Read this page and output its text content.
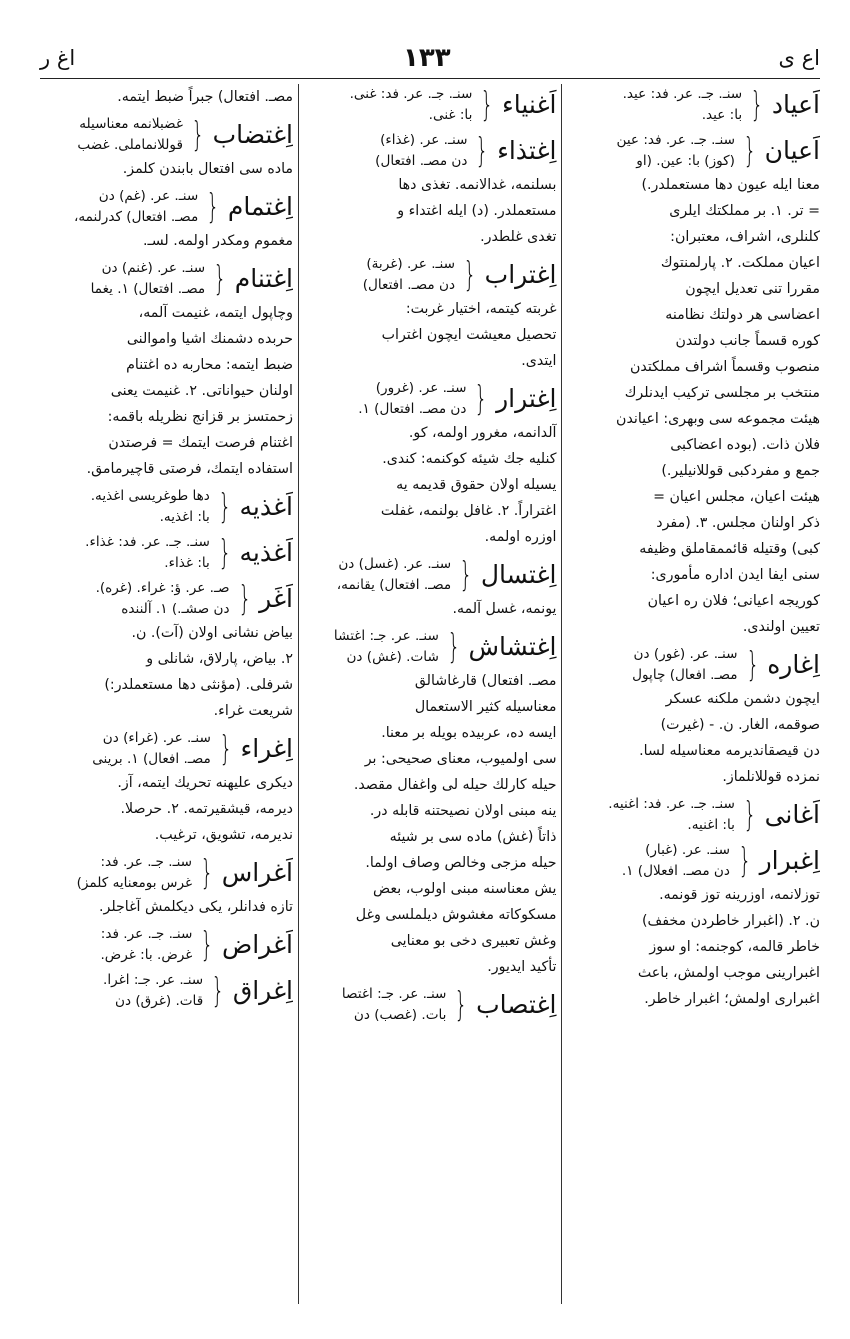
اع ی
١٣٣
اغ ر
اَعیاد
{
سنـ. جـ. عر. فد: عید.
با: عید.
اَعیان
{
سنـ. جـ. عر. فد: عین
(کوز) با: عین. (او
معنا ایله عیون دها مستعملدر.)
= تر. ١. بر مملکتك ایلری
کلنلری، اشراف، معتبران:
اعیان مملکت. ٢. پارلمنتوك
مقررا تنی تعدیل ایچون
اعضاسی هر دولتك نظامنه
کوره قسماً جانب دولتدن
منصوب وقسماً اشراف مملکتدن
منتخب بر مجلسی ترکیب ایدنلرك
هیئت مجموعه سی وبهری: اعیاندن
فلان ذات. (بوده اعضاکبی
جمع و مفردکبی قوللانیلیر.)
هیئت اعیان، مجلس اعیان =
ذکر اولنان مجلس. ٣. (مفرد
کبی) وقتیله قائممقاملق وظیفه
سنی ایفا ایدن اداره مأموری:
کوریجه اعیانی؛ فلان ره اعیان
تعیین اولندی.
اِغاره
{
سنـ. عر. (غور) دن
مصـ. افعال) چاپول
ایچون دشمن ملکنه عسکر
صوقمه، الغار. ن. - (غیرت)
دن قیصقاندیرمه معناسیله لسا.
نمزده قوللانلماز.
اَغانی
{
سنـ. جـ. عر. فد: اغنیه.
با: اغنیه.
اِغبرار
{
سنـ. عر. (غبار)
دن مصـ. افعلال) ١.
توزلانمه، اوزرینه توز قونمه.
ن. ٢. (اغبرار خاطردن مخفف)
خاطر قالمه، کوجنمه: او سوز
اغبرارینی موجب اولمش، باعث
اغبراری اولمش؛ اغبرار خاطر.
اَغنیاء
{
سنـ. جـ. عر. فد: غنی.
با: غنی.
اِغتذاء
{
سنـ. عر. (غذاء)
دن مصـ. افتعال)
بسلنمه، غدالانمه. تغذی دها
مستعملدر. (د) ایله اغتداء و
تغدی غلطدر.
اِغتراب
{
سنـ. عر. (غربة)
دن مصـ. افتعال)
غربته کیتمه، اختیار غربت:
تحصیل معیشت ایچون اغتراب
ایتدی.
اِغترار
{
سنـ. عر. (غرور)
دن مصـ. افتعال) ١.
آلدانمه، مغرور اولمه، کو.
کنلیه جك شیئه کوکنمه: کندی.
یسیله اولان حقوق قدیمه یه
اغتراراً. ٢. غافل بولنمه، غفلت
اوزره اولمه.
اِغتسال
{
سنـ. عر. (غسل) دن
مصـ. افتعال) یقانمه،
یونمه، غسل آلمه.
اِغتشاش
{
سنـ. عر. جـ: اغتشا
شات. (غش) دن
مصـ. افتعال) قارغاشالق
معناسیله کثیر الاستعمال
ایسه ده، عربیده بویله بر معنا.
سی اولمیوب، معنای صحیحی: بر
حیله کارلك حیله لی واغفال مقصد.
ینه مبنی اولان نصیحتنه قابله در.
ذاتاً (غش) ماده سی بر شیئه
حیله مزجی وخالص وصاف اولما.
یش معناسنه مبنی اولوب، بعض
مسکوکاته مغشوش دیلملسی وغل
وغش تعبیری دخی بو معنایی
تأکید ایدیور.
اِغتصاب
{
سنـ. عر. جـ: اغتصا
بات. (غصب) دن
مصـ. افتعال) جبراً ضبط ایتمه.
اِغتضاب
{
غضبلانمه معناسیله
قوللانماملی. غضب
ماده سی افتعال بابندن کلمز.
اِغتمام
{
سنـ. عر. (غم) دن
مصـ. افتعال) کدرلنمه،
مغموم ومکدر اولمه. لسـ.
اِغتنام
{
سنـ. عر. (غنم) دن
مصـ. افتعال) ١. یغما
وچاپول ایتمه، غنیمت آلمه،
حربده دشمنك اشیا واموالنی
ضبط ایتمه: محاربه ده اغتنام
اولنان حیواناتی. ٢. غنیمت یعنی
زحمتسز بر قزانج نظریله باقمه:
اغتنام فرصت ایتمك = فرصتدن
استفاده ایتمك، فرصتی قاچیرمامق.
اَغذیه
{
دها طوغریسی اغذیه.
با: اغذیه.
اَغذیه
{
سنـ. جـ. عر. فد: غذاء.
با: غذاء.
اَغَر
{
صـ. عر. ؤ: غراء. (غره).
دن صشـ.) ١. آلننده
بیاض نشانی اولان (آت). ن.
٢. بیاض، پارلاق، شانلی و
شرفلی. (مؤنثی دها مستعملدر:)
شریعت غراء.
اِغراء
{
سنـ. عر. (غراء) دن
مصـ. افعال) ١. برینی
دیکری علیهنه تحریك ایتمه، آز.
دیرمه، قیشقیرتمه. ٢. حرصلا.
ندیرمه، تشویق، ترغیب.
اَغراس
{
سنـ. جـ. عر. فد:
غرس بومعنایه کلمز)
تازه فدانلر، یکی دیکلمش آغاجلر.
اَغراض
{
سنـ. جـ. عر. فد:
غرض. با: غرض.
اِغراق
{
سنـ. عر. جـ: اغرا.
قات. (غرق) دن
